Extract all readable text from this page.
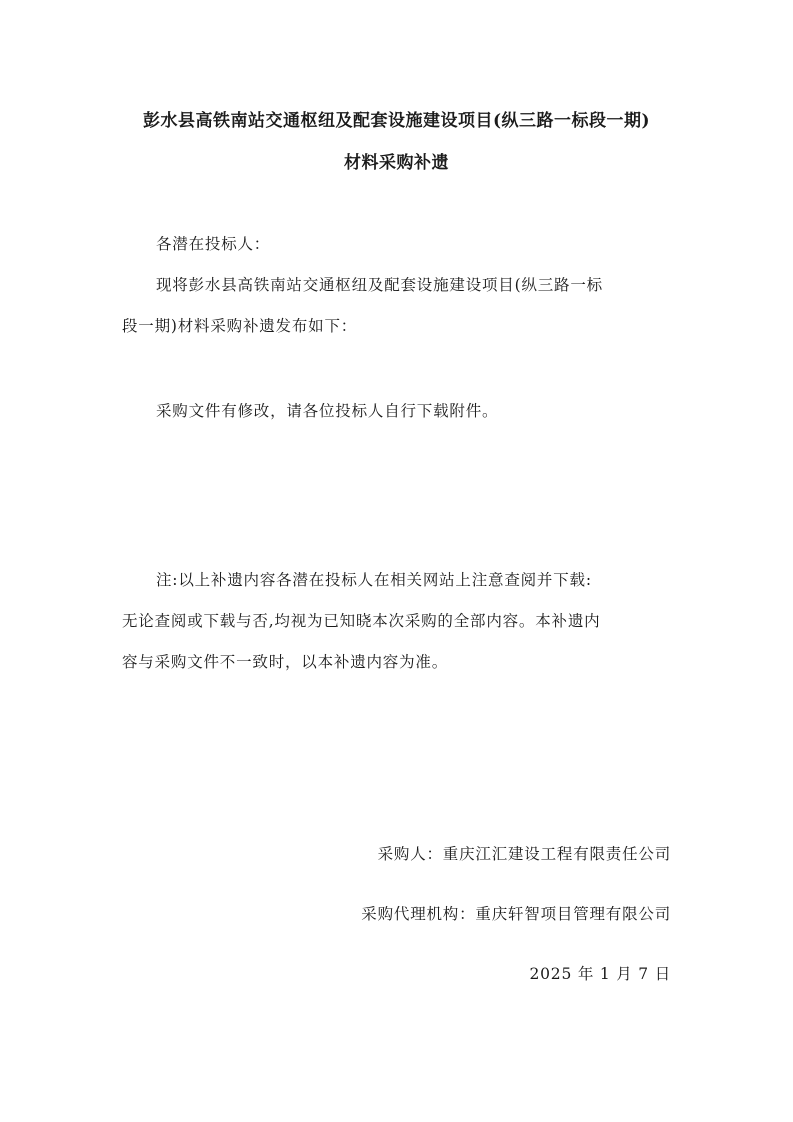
彭水县高铁南站交通枢纽及配套设施建设项目(纵三路一标段一期)
材料采购补遗
各潜在投标人：
现将彭水县高铁南站交通枢纽及配套设施建设项目(纵三路一标
段一期)材料采购补遗发布如下：
采购文件有修改，请各位投标人自行下载附件。
注:以上补遗内容各潜在投标人在相关网站上注意查阅并下载:
无论查阅或下载与否,均视为已知晓本次采购的全部内容。本补遗内
容与采购文件不一致时，以本补遗内容为准。
采购人：重庆江汇建设工程有限责任公司
采购代理机构：重庆轩智项目管理有限公司
2025 年 1 月 7 日
